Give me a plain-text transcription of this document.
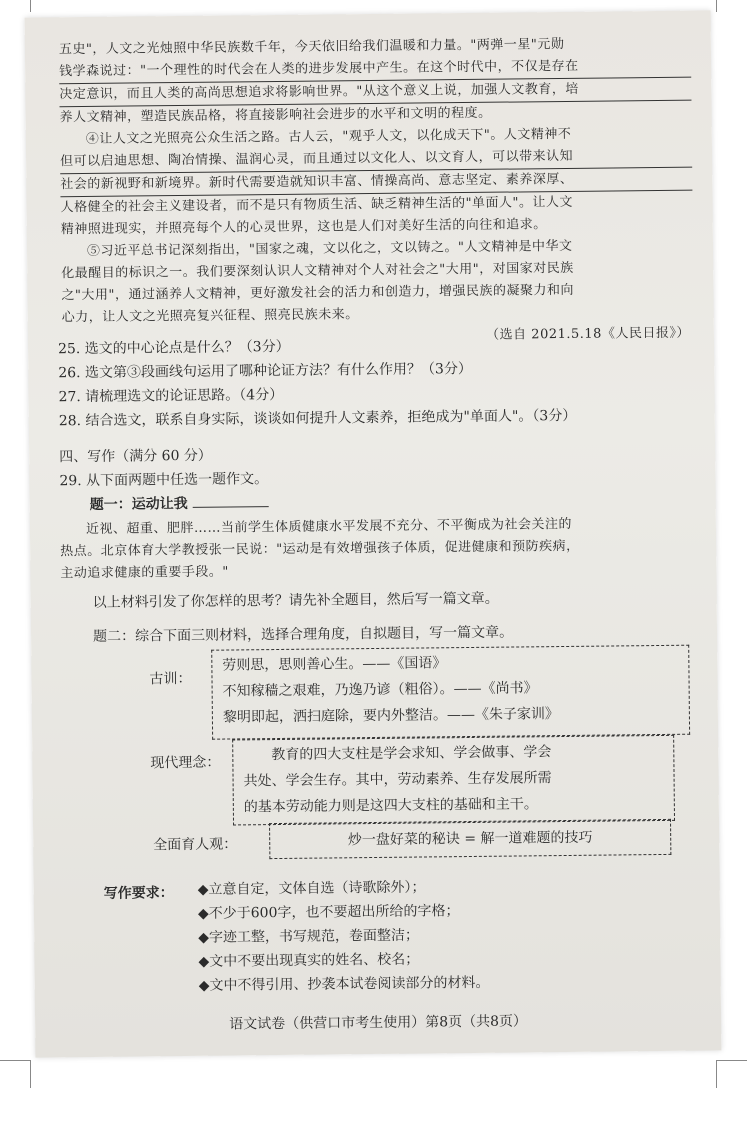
五史"，人文之光烛照中华民族数千年，今天依旧给我们温暖和力量。"两弹一星"元勋
钱学森说过："一个理性的时代会在人类的进步发展中产生。在这个时代中，不仅是存在
决定意识，而且人类的高尚思想追求将影响世界。"从这个意义上说，加强人文教育，培
养人文精神，塑造民族品格，将直接影响社会进步的水平和文明的程度。
④让人文之光照亮公众生活之路。古人云，"观乎人文，以化成天下"。人文精神不
但可以启迪思想、陶冶情操、温润心灵，而且通过以文化人、以文育人，可以带来认知
社会的新视野和新境界。新时代需要造就知识丰富、情操高尚、意志坚定、素养深厚、
人格健全的社会主义建设者，而不是只有物质生活、缺乏精神生活的"单面人"。让人文
精神照进现实，并照亮每个人的心灵世界，这也是人们对美好生活的向往和追求。
⑤习近平总书记深刻指出，"国家之魂，文以化之，文以铸之。"人文精神是中华文
化最醒目的标识之一。我们要深刻认识人文精神对个人对社会之"大用"，对国家对民族
之"大用"，通过涵养人文精神，更好激发社会的活力和创造力，增强民族的凝聚力和向
心力，让人文之光照亮复兴征程、照亮民族未来。
（选自 2021.5.18《人民日报》）
25. 选文的中心论点是什么？（3分）
26. 选文第③段画线句运用了哪种论证方法？有什么作用？（3分）
27. 请梳理选文的论证思路。（4分）
28. 结合选文，联系自身实际，谈谈如何提升人文素养，拒绝成为"单面人"。（3分）
四、写作（满分 60 分）
29. 从下面两题中任选一题作文。
题一：运动让我
近视、超重、肥胖……当前学生体质健康水平发展不充分、不平衡成为社会关注的
热点。北京体育大学教授张一民说："运动是有效增强孩子体质，促进健康和预防疾病，
主动追求健康的重要手段。"
以上材料引发了你怎样的思考？请先补全题目，然后写一篇文章。
题二：综合下面三则材料，选择合理角度，自拟题目，写一篇文章。
古训：
劳则思，思则善心生。——《国语》
不知稼穑之艰难，乃逸乃谚（粗俗）。——《尚书》
黎明即起，洒扫庭除，要内外整洁。——《朱子家训》
现代理念：	教育的四大支柱是学会求知、学会做事、学会
共处、学会生存。其中，劳动素养、生存发展所需
的基本劳动能力则是这四大支柱的基础和主干。
全面育人观：	炒一盘好菜的秘诀 = 解一道难题的技巧
写作要求： ◆立意自定，文体自选（诗歌除外）；
◆不少于600字，也不要超出所给的字格；
◆字迹工整，书写规范，卷面整洁；
◆文中不要出现真实的姓名、校名；
◆文中不得引用、抄袭本试卷阅读部分的材料。
语文试卷（供营口市考生使用）第8页（共8页）
